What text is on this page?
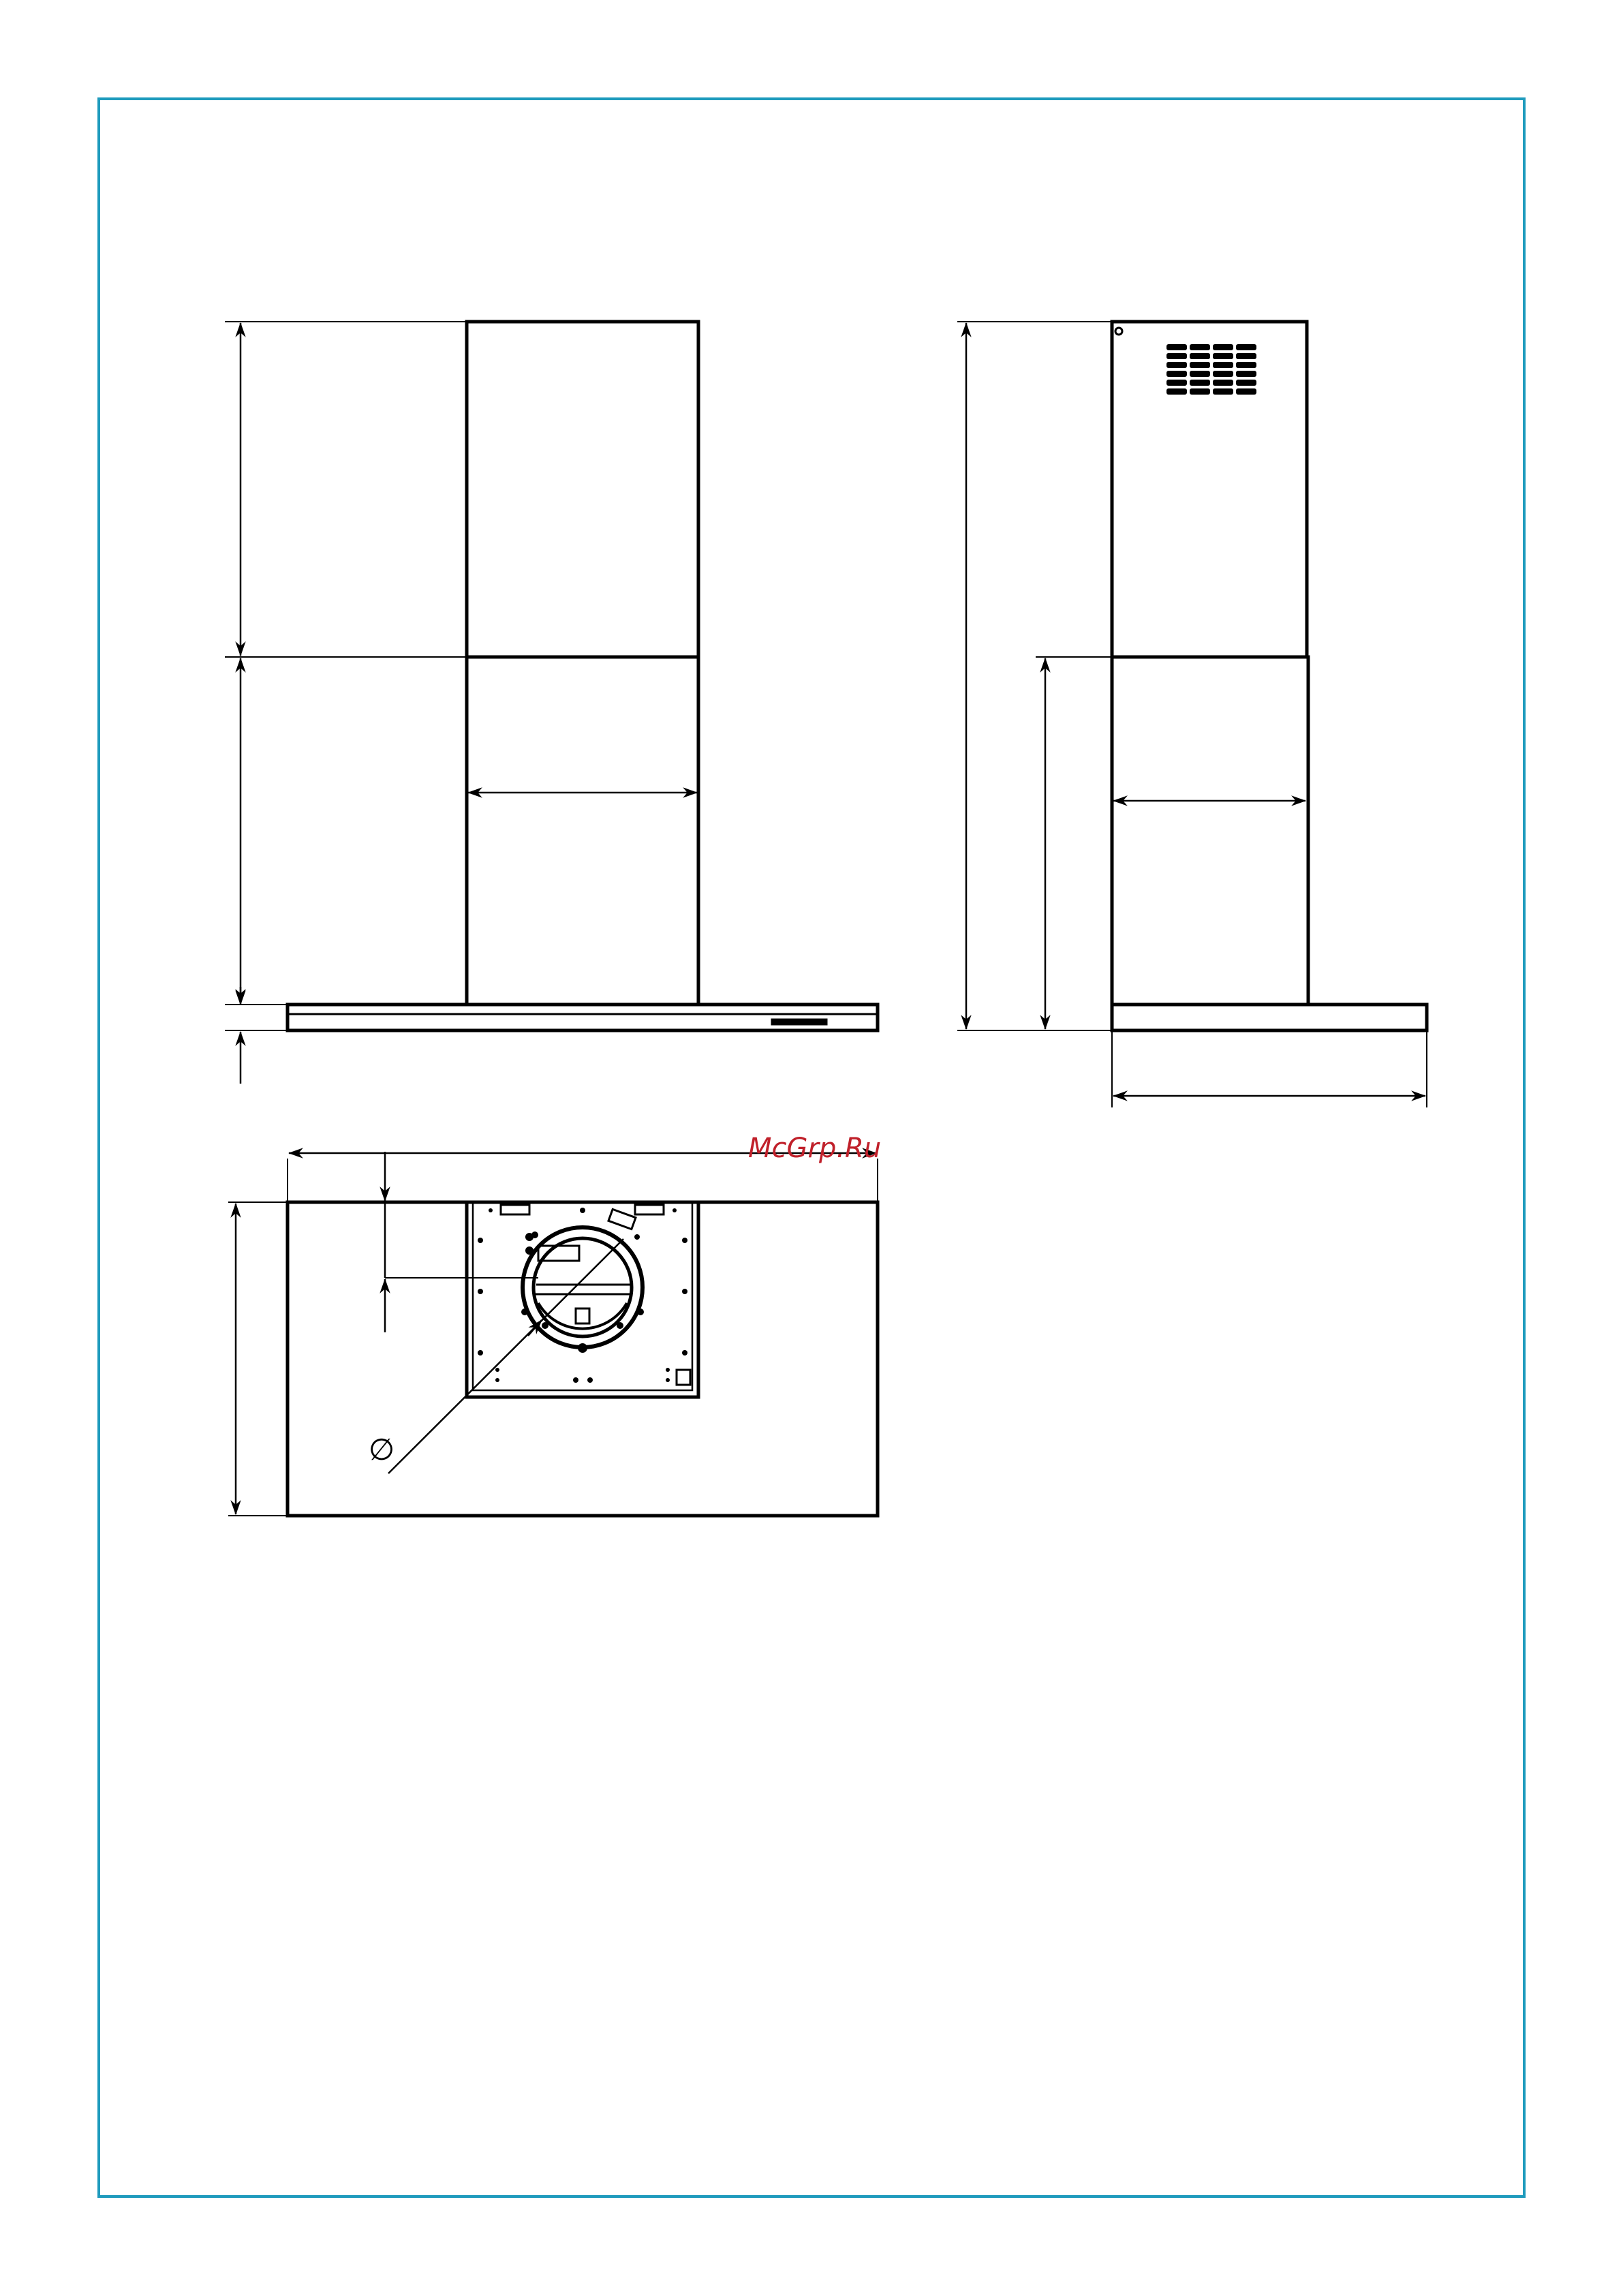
∅
McGrp.Ru
